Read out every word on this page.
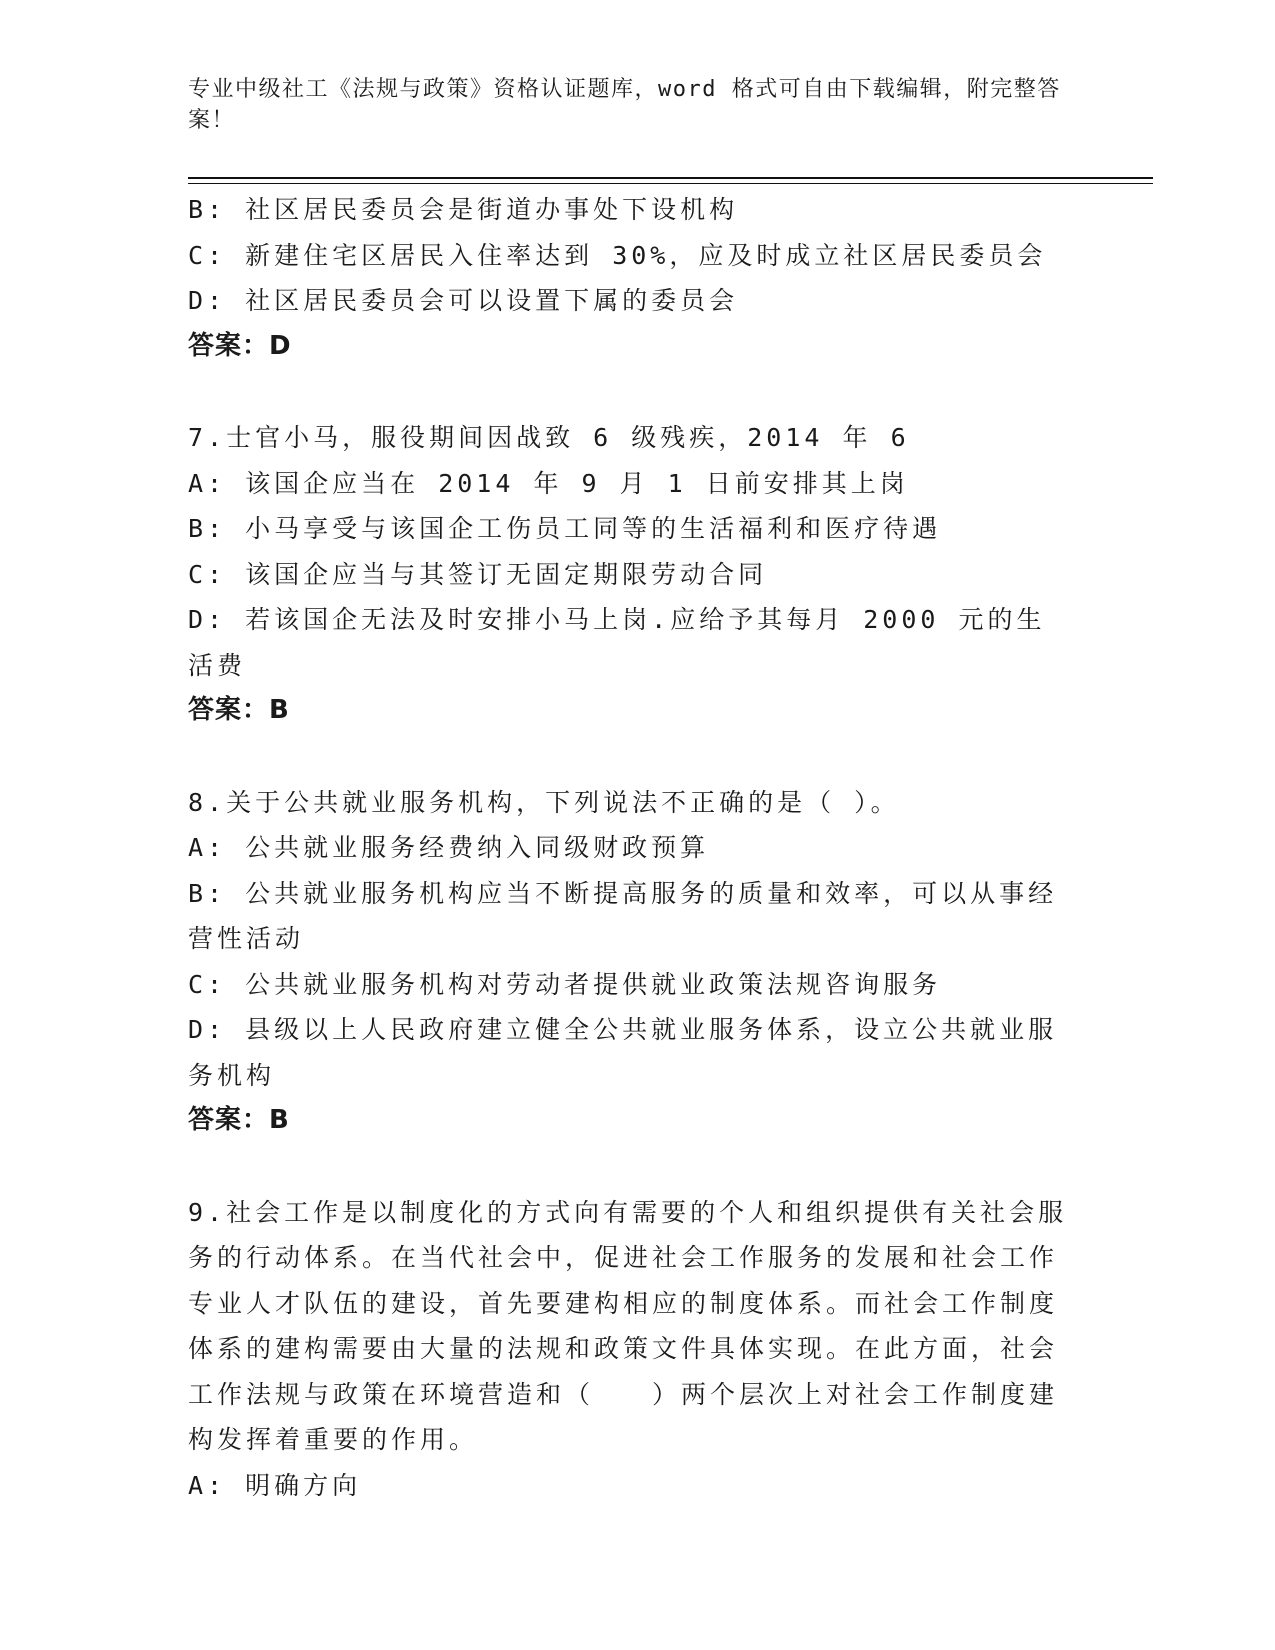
专业中级社工《法规与政策》资格认证题库，word 格式可自由下载编辑，附完整答案！
B: 社区居民委员会是街道办事处下设机构
C: 新建住宅区居民入住率达到 30%，应及时成立社区居民委员会
D: 社区居民委员会可以设置下属的委员会
答案：D
7.士官小马，服役期间因战致 6 级残疾，2014 年 6
A: 该国企应当在 2014 年 9 月 1 日前安排其上岗
B: 小马享受与该国企工伤员工同等的生活福利和医疗待遇
C: 该国企应当与其签订无固定期限劳动合同
D: 若该国企无法及时安排小马上岗.应给予其每月 2000 元的生活费
答案：B
8.关于公共就业服务机构，下列说法不正确的是（ ）。
A: 公共就业服务经费纳入同级财政预算
B: 公共就业服务机构应当不断提高服务的质量和效率，可以从事经营性活动
C: 公共就业服务机构对劳动者提供就业政策法规咨询服务
D: 县级以上人民政府建立健全公共就业服务体系，设立公共就业服务机构
答案：B
9.社会工作是以制度化的方式向有需要的个人和组织提供有关社会服务的行动体系。在当代社会中，促进社会工作服务的发展和社会工作专业人才队伍的建设，首先要建构相应的制度体系。而社会工作制度体系的建构需要由大量的法规和政策文件具体实现。在此方面，社会工作法规与政策在环境营造和（　　）两个层次上对社会工作制度建构发挥着重要的作用。
A: 明确方向
